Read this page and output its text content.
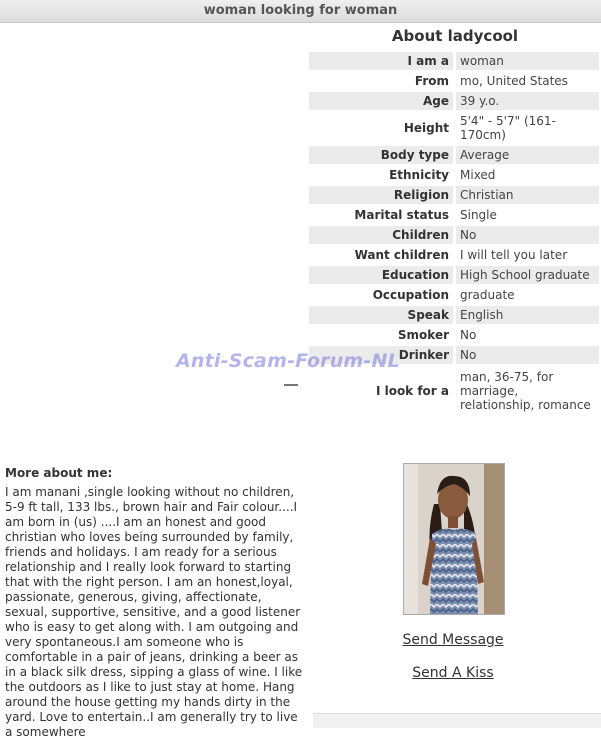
woman looking for woman
About ladycool
I am a	woman
From	mo, United States
Age	39 y.o.
Height	5'4" - 5'7" (161-170cm)
Body type	Average
Ethnicity	Mixed
Religion	Christian
Marital status	Single
Children	No
Want children	I will tell you later
Education	High School graduate
Occupation	graduate
Speak	English
Smoker	No
Drinker	No
I look for a	man, 36-75, for marriage, relationship, romance
Anti-Scam-Forum-NL
More about me:
I am manani ,single looking without no children, 5-9 ft tall, 133 lbs., brown hair and Fair colour....I am born in (us) ....I am an honest and good christian who loves being surrounded by family, friends and holidays. I am ready for a serious relationship and I really look forward to starting that with the right person. I am an honest,loyal, passionate, generous, giving, affectionate, sexual, supportive, sensitive, and a good listener who is easy to get along with. I am outgoing and very spontaneous.I am someone who is comfortable in a pair of jeans, drinking a beer as in a black silk dress, sipping a glass of wine. I like the outdoors as I like to just stay at home. Hang around the house getting my hands dirty in the yard. Love to entertain..I am generally try to live a somewhere
Send Message
Send A Kiss
